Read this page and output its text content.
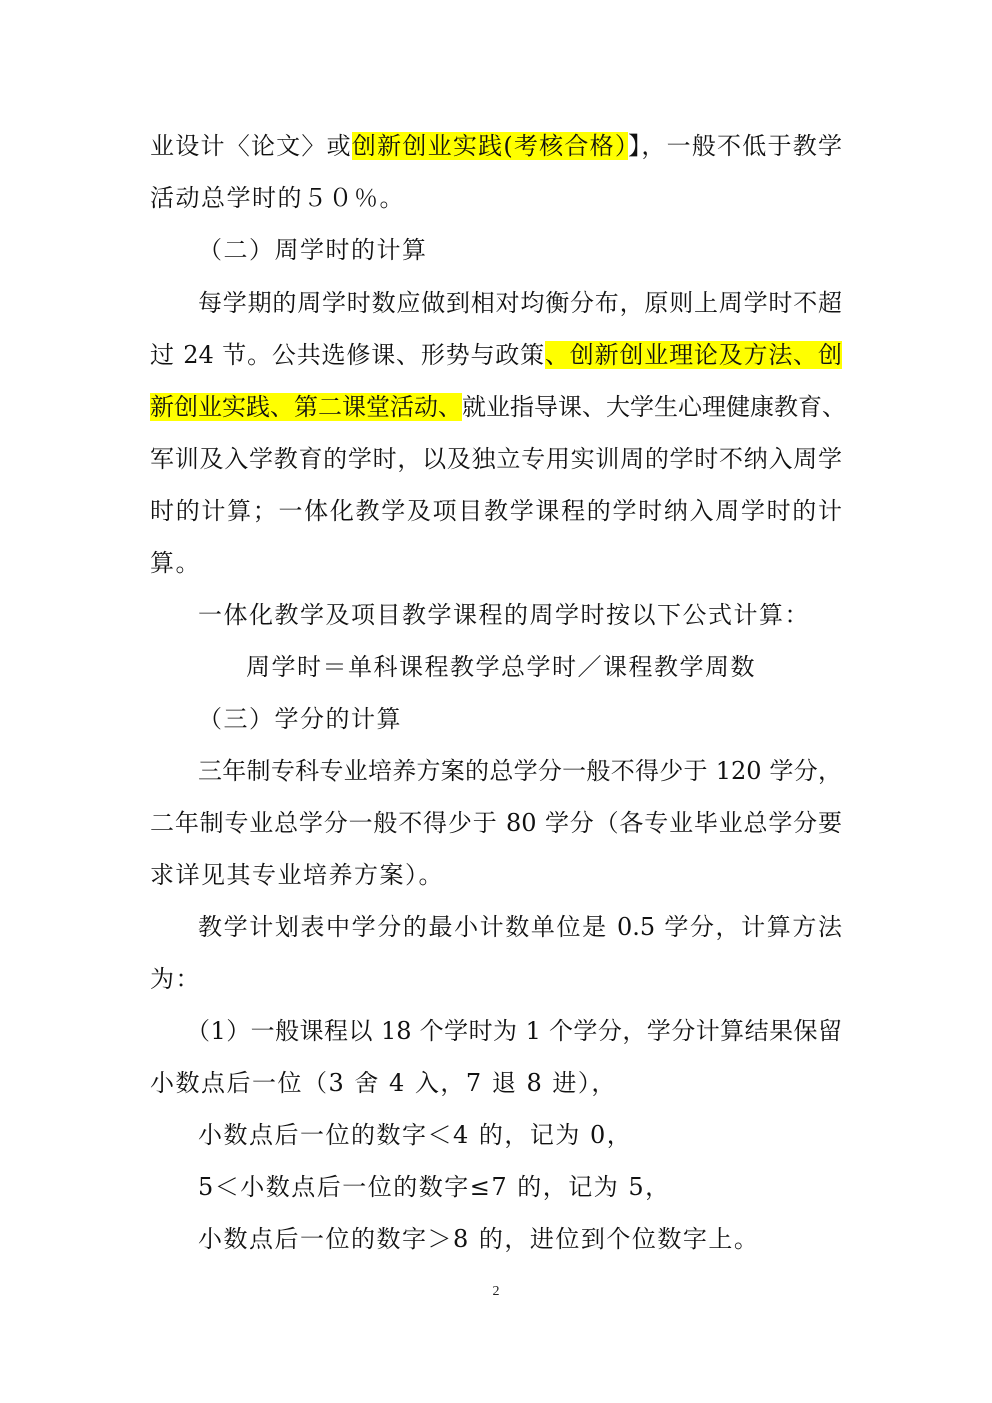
业设计〈论文〉或创新创业实践(考核合格）】，一般不低于教学
活动总学时的５０％。
（二）周学时的计算
每学期的周学时数应做到相对均衡分布，原则上周学时不超
过 24 节。公共选修课、形势与政策、创新创业理论及方法、创
新创业实践、第二课堂活动、就业指导课、大学生心理健康教育、
军训及入学教育的学时，以及独立专用实训周的学时不纳入周学
时的计算；一体化教学及项目教学课程的学时纳入周学时的计
算。
一体化教学及项目教学课程的周学时按以下公式计算：
周学时＝单科课程教学总学时／课程教学周数
（三）学分的计算
三年制专科专业培养方案的总学分一般不得少于 120 学分，
二年制专业总学分一般不得少于 80 学分（各专业毕业总学分要
求详见其专业培养方案）。
教学计划表中学分的最小计数单位是 0.5 学分，计算方法
为：
（1）一般课程以 18 个学时为 1 个学分，学分计算结果保留
小数点后一位（3 舍 4 入，7 退 8 进），
小数点后一位的数字＜4 的，记为 0，
5＜小数点后一位的数字≤7 的，记为 5，
小数点后一位的数字＞8 的，进位到个位数字上。
2
